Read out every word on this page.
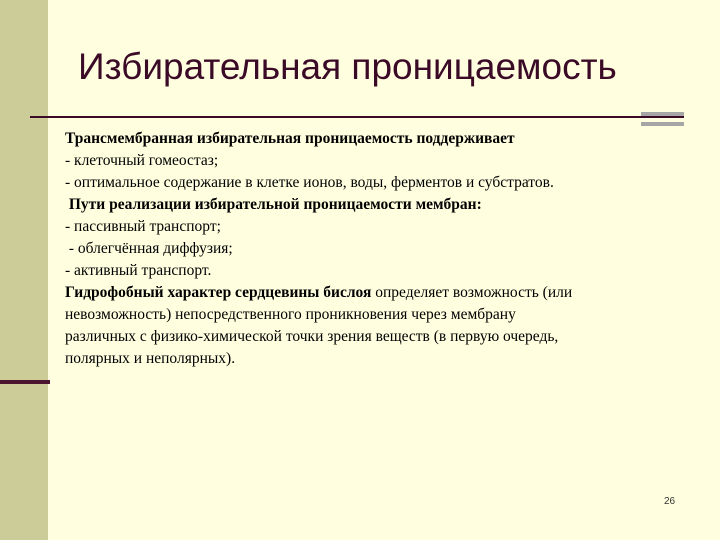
Избирательная проницаемость

Трансмембранная избирательная проницаемость поддерживает

- клеточный гомеостаз;

- оптимальное содержание в клетке ионов, воды, ферментов и субстратов.

Пути реализации избирательной проницаемости мембран:

- пассивный транспорт;

- облегчённая диффузия;

- активный транспорт.

Гидрофобный характер сердцевины бислоя определяет возможность (или

невозможность) непосредственного проникновения через мембрану

различных с физико-химической точки зрения веществ (в первую очередь,

полярных и неполярных).

26
